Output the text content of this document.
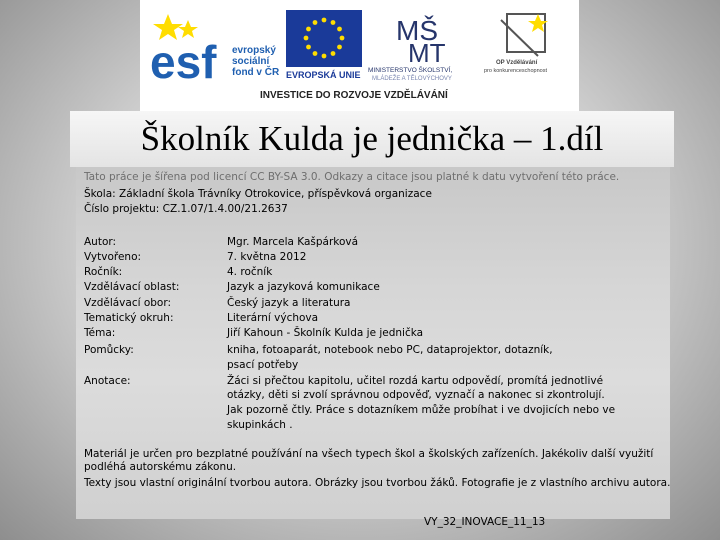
esf evropský
sociální
fond v ČR EVROPSKÁ UNIE
MŠ
MT
MINISTERSTVO ŠKOLSTVÍ,
MLÁDEŽE A TĚLOVÝCHOVY
OP Vzdělávání
pro konkurenceschopnost
INVESTICE DO ROZVOJE VZDĚLÁVÁNÍ
Školník Kulda je jednička – 1.díl
Tato práce je šířena pod licencí CC BY-SA 3.0. Odkazy a citace jsou platné k datu vytvoření této práce.
Škola: Základní škola Trávníky Otrokovice, příspěvková organizace
Číslo projektu: CZ.1.07/1.4.00/21.2637
Autor:	Mgr. Marcela Kašpárková
Vytvořeno:	7. května 2012
Ročník:	4. ročník
Vzdělávací oblast:	Jazyk a jazyková komunikace
Vzdělávací obor:	Český jazyk a literatura
Tematický okruh:	Literární výchova
Téma:	Jiří Kahoun - Školník Kulda je jednička
Pomůcky:	kniha, fotoaparát, notebook nebo PC, dataprojektor, dotazník,
psací potřeby
Anotace:	Žáci si přečtou kapitolu, učitel rozdá kartu odpovědí, promítá jednotlivé
otázky, děti si zvolí správnou odpověď, vyznačí a nakonec si zkontrolují.
Jak pozorně čtly. Práce s dotazníkem může probíhat i ve dvojicích nebo ve
skupinkách .
Materiál je určen pro bezplatné používání na všech typech škol a školských zařízeních. Jakékoliv další využití
podléhá autorskému zákonu.
Texty jsou vlastní originální tvorbou autora. Obrázky jsou tvorbou žáků. Fotografie je z vlastního archivu autora.
VY_32_INOVACE_11_13
